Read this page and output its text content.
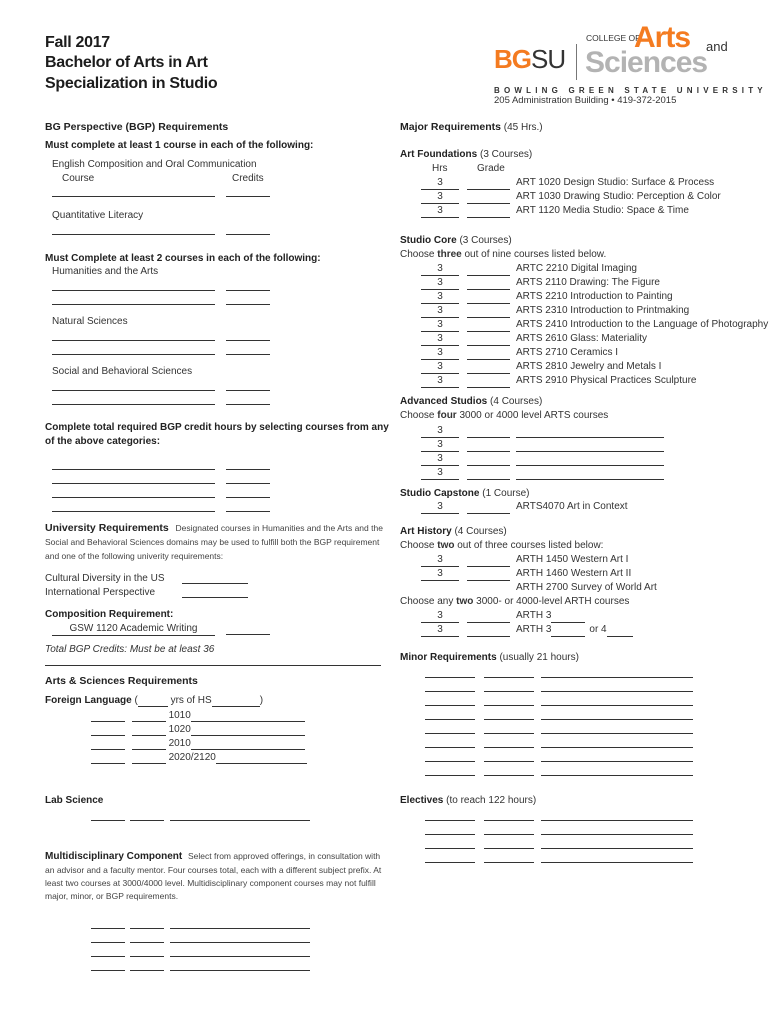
Fall 2017
Bachelor of Arts in Art
Specialization in Studio
BGSU
COLLEGE OF
Arts and
Sciences
BOWLING GREEN STATE UNIVERSITY
205 Administration Building • 419-372-2015
BG Perspective (BGP) Requirements
Must complete at least 1 course in each of the following:
English Composition and Oral Communication
Course	Credits
Quantitative Literacy
Must Complete at least 2 courses in each of the following:
Humanities and the Arts
Natural Sciences
Social and Behavioral Sciences
Complete total required BGP credit hours by selecting courses from any
of the above categories:
University Requirements Designated courses in Humanities and the Arts and the
Social and Behavioral Sciences domains may be used to fulfill both the BGP requirement
and one of the following univerity requirements:
Cultural Diversity in the US
International Perspective
Composition Requirement:
GSW 1120 Academic Writing
Total BGP Credits: Must be at least 36
Arts & Sciences Requirements
Foreign Language (	yrs of HS	)
1010
1020
2010
2020/2120
Lab Science
Multidisciplinary Component Select from approved offerings, in consultation with
an advisor and a faculty mentor. Four courses total, each with a different subject prefix. At
least two courses at 3000/4000 level. Multidisciplinary component courses may not fulfill
major, minor, or BGP requirements.
Major Requirements (45 Hrs.)
Art Foundations (3 Courses)
Hrs	Grade
3	ART 1020 Design Studio: Surface & Process
3	ART 1030 Drawing Studio: Perception & Color
3	ART 1120 Media Studio: Space & Time
Studio Core (3 Courses)
Choose three out of nine courses listed below.
3	ARTC 2210 Digital Imaging
3	ARTS 2110 Drawing: The Figure
3	ARTS 2210 Introduction to Painting
3	ARTS 2310 Introduction to Printmaking
3	ARTS 2410 Introduction to the Language of Photography
3	ARTS 2610 Glass: Materiality
3	ARTS 2710 Ceramics I
3	ARTS 2810 Jewelry and Metals I
3	ARTS 2910 Physical Practices Sculpture
Advanced Studios (4 Courses)
Choose four 3000 or 4000 level ARTS courses
3
3
3
3
Studio Capstone (1 Course)
3	ARTS4070 Art in Context
Art History (4 Courses)
Choose two out of three courses listed below:
3	ARTH 1450 Western Art I
3	ARTH 1460 Western Art II
ARTH 2700 Survey of World Art
Choose any two 3000- or 4000-level ARTH courses
3	ARTH 3
3	ARTH 3	or 4
Minor Requirements (usually 21 hours)
Electives (to reach 122 hours)
